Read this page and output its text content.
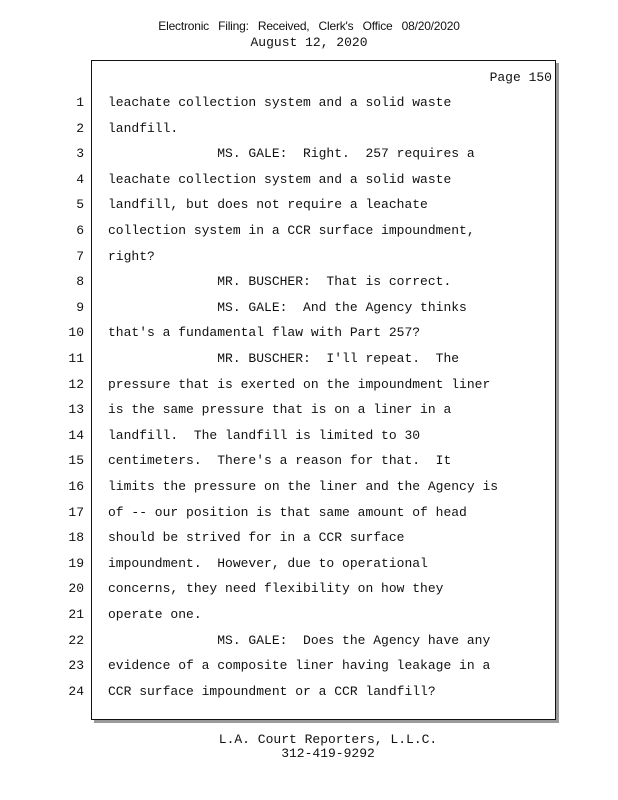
Electronic Filing: Received, Clerk's Office 08/20/2020
August 12, 2020
Page 150
1 leachate collection system and a solid waste
2 landfill.
3 MS. GALE:  Right.  257 requires a
4 leachate collection system and a solid waste
5 landfill, but does not require a leachate
6 collection system in a CCR surface impoundment,
7 right?
8 MR. BUSCHER:  That is correct.
9 MS. GALE:  And the Agency thinks
10 that's a fundamental flaw with Part 257?
11 MR. BUSCHER:  I'll repeat.  The
12 pressure that is exerted on the impoundment liner
13 is the same pressure that is on a liner in a
14 landfill.  The landfill is limited to 30
15 centimeters.  There's a reason for that.  It
16 limits the pressure on the liner and the Agency is
17 of -- our position is that same amount of head
18 should be strived for in a CCR surface
19 impoundment.  However, due to operational
20 concerns, they need flexibility on how they
21 operate one.
22 MS. GALE:  Does the Agency have any
23 evidence of a composite liner having leakage in a
24 CCR surface impoundment or a CCR landfill?
L.A. Court Reporters, L.L.C.
312-419-9292
